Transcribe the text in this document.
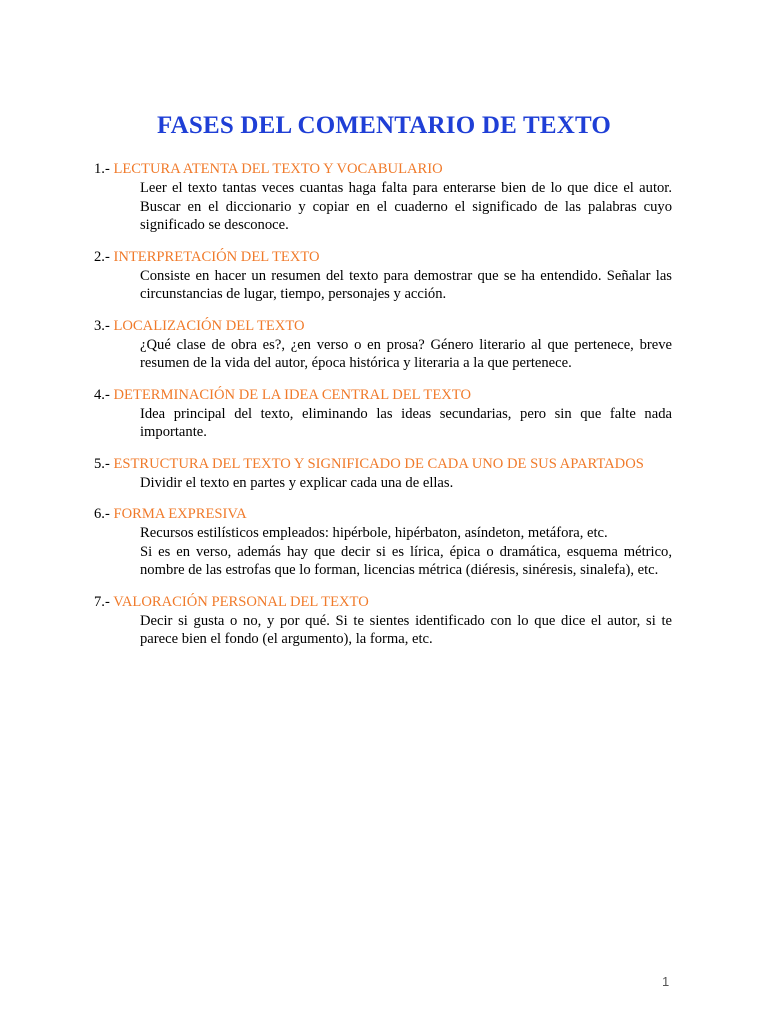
FASES DEL COMENTARIO DE TEXTO
1.- LECTURA ATENTA DEL TEXTO Y VOCABULARIO

Leer el texto tantas veces cuantas haga falta para enterarse bien de lo que dice el autor. Buscar en el diccionario y copiar en el cuaderno el significado de las palabras cuyo significado se desconoce.

2.- INTERPRETACIÓN DEL TEXTO

Consiste en hacer un resumen del texto para demostrar que se ha entendido. Señalar las circunstancias de lugar, tiempo, personajes y acción.

3.- LOCALIZACIÓN DEL TEXTO

¿Qué clase de obra es?, ¿en verso o en prosa? Género literario al que pertenece, breve resumen de la vida del autor, época histórica y literaria a la que pertenece.

4.- DETERMINACIÓN DE LA IDEA CENTRAL DEL TEXTO

Idea principal del texto, eliminando las ideas secundarias, pero sin que falte nada importante.

5.- ESTRUCTURA DEL TEXTO Y SIGNIFICADO DE CADA UNO DE SUS APARTADOS

Dividir el texto en partes y explicar cada una de ellas.

6.- FORMA EXPRESIVA

Recursos estilísticos empleados: hipérbole, hipérbaton, asíndeton, metáfora, etc.

Si es en verso, además hay que decir si es lírica, épica o dramática, esquema métrico, nombre de las estrofas que lo forman, licencias métrica (diéresis, sinéresis, sinalefa), etc.

7.- VALORACIÓN PERSONAL DEL TEXTO

Decir si gusta o no, y por qué. Si te sientes identificado con lo que dice el autor, si te parece bien el fondo (el argumento), la forma, etc.

1
